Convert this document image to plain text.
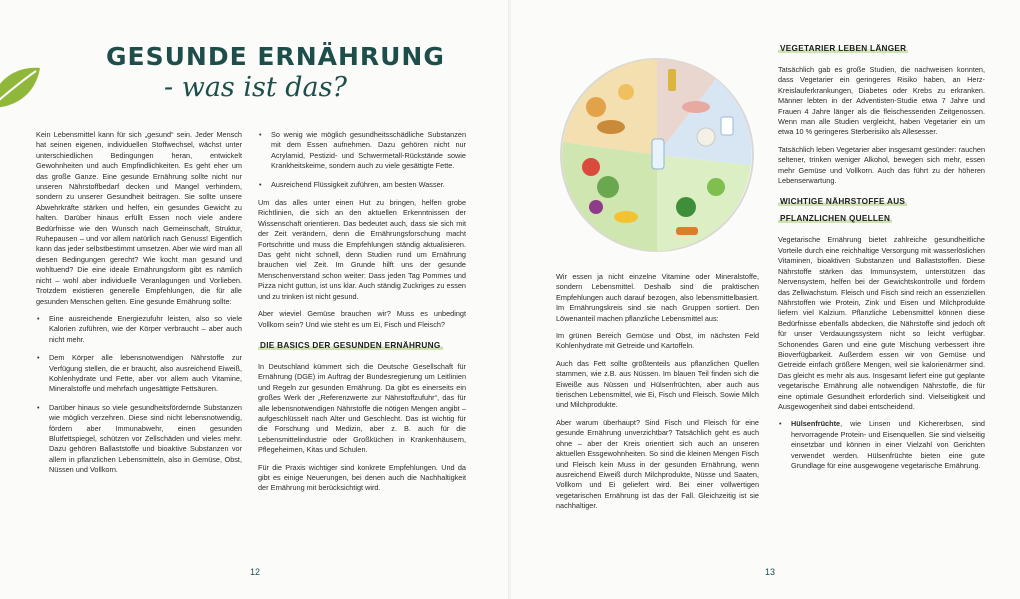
GESUNDE ERNÄHRUNG
- was ist das?

Kein Lebensmittel kann für sich „gesund“ sein. Jeder Mensch hat seinen eigenen, individuellen Stoffwechsel, wächst unter unterschiedlichen Bedingungen heran, entwickelt Gewohnheiten und auch Empfindlichkeiten. Es geht eher um das große Ganze. Eine gesunde Ernährung sollte nicht nur unseren Nährstoffbedarf decken und Mangel verhindern, sondern zu unserer Gesundheit beitragen. Sie sollte unsere Abwehrkräfte stärken und helfen, ein gesundes Gewicht zu halten. Darüber hinaus erfüllt Essen noch viele andere Bedürfnisse wie den Wunsch nach Gemeinschaft, Struktur, Ruhepausen – und vor allem natürlich nach Genuss! Eigentlich kann das jeder selbstbestimmt umsetzen. Aber wie wird man all diesen Bedingungen gerecht? Wie kocht man gesund und wohltuend? Die eine ideale Ernährungsform gibt es nämlich nicht – wohl aber individuelle Veranlagungen und Vorlieben. Trotzdem existieren generelle Empfehlungen, die für alle gesunden Menschen gelten. Eine gesunde Ernährung sollte:

• Eine ausreichende Energiezufuhr leisten, also so viele Kalorien zuführen, wie der Körper verbraucht – aber auch nicht mehr.
• Dem Körper alle lebensnotwendigen Nährstoffe zur Verfügung stellen, die er braucht, also ausreichend Eiweiß, Kohlenhydrate und Fette, aber vor allem auch Vitamine, Mineralstoffe und mehrfach ungesättigte Fettsäuren.
• Darüber hinaus so viele gesundheitsfördernde Substanzen wie möglich verzehren. Diese sind nicht lebensnotwendig, fördern aber Immunabwehr, einen gesunden Blutfettspiegel, schützen vor Zellschäden und vieles mehr. Dazu gehören Ballaststoffe und bioaktive Substanzen vor allem in pflanzlichen Lebensmitteln, also in Gemüse, Obst, Nüssen und Vollkorn.
• So wenig wie möglich gesundheitsschädliche Substanzen mit dem Essen aufnehmen. Dazu gehören nicht nur Acrylamid, Pestizid- und Schwermetall-Rückstände sowie Krankheitskeime, sondern auch zu viele gesättigte Fette.
• Ausreichend Flüssigkeit zuführen, am besten Wasser.

Um das alles unter einen Hut zu bringen, helfen grobe Richtlinien, die sich an den aktuellen Erkenntnissen der Wissenschaft orientieren. Das bedeutet auch, dass sie sich mit der Zeit verändern, denn die Ernährungsforschung macht Fortschritte und muss die Empfehlungen ständig aktualisieren. Das geht nicht schnell, denn Studien rund um Ernährung brauchen viel Zeit. Im Grunde hilft uns der gesunde Menschenverstand schon weiter: Dass jeden Tag Pommes und Pizza nicht guttun, ist uns klar. Auch ständig Zuckriges zu essen und zu trinken ist nicht gesund.

Aber wieviel Gemüse brauchen wir? Muss es unbedingt Vollkorn sein? Und wie steht es um Ei, Fisch und Fleisch?

DIE BASICS DER GESUNDEN ERNÄHRUNG

In Deutschland kümmert sich die Deutsche Gesellschaft für Ernährung (DGE) im Auftrag der Bundesregierung um Leitlinien und Regeln zur gesunden Ernährung. Da gibt es einerseits ein großes Werk der „Referenzwerte zur Nährstoffzufuhr“, das für alle lebensnotwendigen Nährstoffe die nötigen Mengen angibt – aufgeschlüsselt nach Alter und Geschlecht. Das ist wichtig für die Forschung und Medizin, aber z. B. auch für die Lebensmittelindustrie oder Großküchen in Krankenhäusern, Pflegeheimen, Kitas und Schulen.

Für die Praxis wichtiger sind konkrete Empfehlungen. Und da gibt es einige Neuerungen, bei denen auch die Nachhaltigkeit der Ernährung mit berücksichtigt wird.

12

Wir essen ja nicht einzelne Vitamine oder Mineralstoffe, sondern Lebensmittel. Deshalb sind die praktischen Empfehlungen auch darauf bezogen, also lebensmittelbasiert. Im Ernährungskreis sind sie nach Gruppen sortiert. Den Löwenanteil machen pflanzliche Lebensmittel aus:

Im grünen Bereich Gemüse und Obst, im nächsten Feld Kohlenhydrate mit Getreide und Kartoffeln.

Auch das Fett sollte größtenteils aus pflanzlichen Quellen stammen, wie z.B. aus Nüssen. Im blauen Teil finden sich die Eiweiße aus Nüssen und Hülsenfrüchten, aber auch aus tierischen Lebensmittel, wie Ei, Fisch und Fleisch. Sowie Milch und Milchprodukte.

Aber warum überhaupt? Sind Fisch und Fleisch für eine gesunde Ernährung unverzichtbar? Tatsächlich geht es auch ohne – aber der Kreis orientiert sich auch an unseren aktuellen Essgewohnheiten. So sind die kleinen Mengen Fisch und Fleisch kein Muss in der gesunden Ernährung, wenn ausreichend Eiweiß durch Milchprodukte, Nüsse und Saaten, Vollkorn und Ei geliefert wird. Bei einer vollwertigen vegetarischen Ernährung ist das der Fall. Gleichzeitig ist sie nachhaltiger.

VEGETARIER LEBEN LÄNGER

Tatsächlich gab es große Studien, die nachweisen konnten, dass Vegetarier ein geringeres Risiko haben, an Herz-Kreislauferkrankungen, Diabetes oder Krebs zu erkranken. Männer lebten in der Adventisten-Studie etwa 7 Jahre und Frauen 4 Jahre länger als die fleischessenden Zeitgenossen. Wenn man alle Studien vergleicht, haben Vegetarier ein um etwa 10 % geringeres Sterberisiko als Allesesser.

Tatsächlich leben Vegetarier aber insgesamt gesünder: rauchen seltener, trinken weniger Alkohol, bewegen sich mehr, essen mehr Gemüse und Vollkorn. Auch das führt zu der höheren Lebenserwartung.

WICHTIGE NÄHRSTOFFE AUS
PFLANZLICHEN QUELLEN

Vegetarische Ernährung bietet zahlreiche gesundheitliche Vorteile durch eine reichhaltige Versorgung mit wasserlöslichen Vitaminen, bioaktiven Substanzen und Ballaststoffen. Diese Nährstoffe stärken das Immunsystem, unterstützen das Nervensystem, helfen bei der Gewichtskontrolle und fördern das Zellwachstum. Fleisch und Fisch sind reich an essenziellen Nährstoffen wie Protein, Zink und Eisen und Milchprodukte liefern viel Kalzium. Pflanzliche Lebensmittel können diese Bedürfnisse ebenfalls abdecken, die Nährstoffe sind jedoch oft für unser Verdauungssystem nicht so leicht verfügbar. Schonendes Garen und eine gute Mischung verbessert ihre Bioverfügbarkeit. Außerdem essen wir von Gemüse und Getreide einfach größere Mengen, weil sie kalorienärmer sind. Das gleicht es mehr als aus. Insgesamt liefert eine gut geplante vegetarische Ernährung alle notwendigen Nährstoffe, die für eine optimale Gesundheit erforderlich sind. Vielseitigkeit und Ausgewogenheit sind dabei entscheidend.

• Hülsenfrüchte, wie Linsen und Kichererbsen, sind hervorragende Protein- und Eisenquellen. Sie sind vielseitig einsetzbar und können in einer Vielzahl von Gerichten verwendet werden. Hülsenfrüchte bieten eine gute Grundlage für eine ausgewogene vegetarische Ernährung.
13
